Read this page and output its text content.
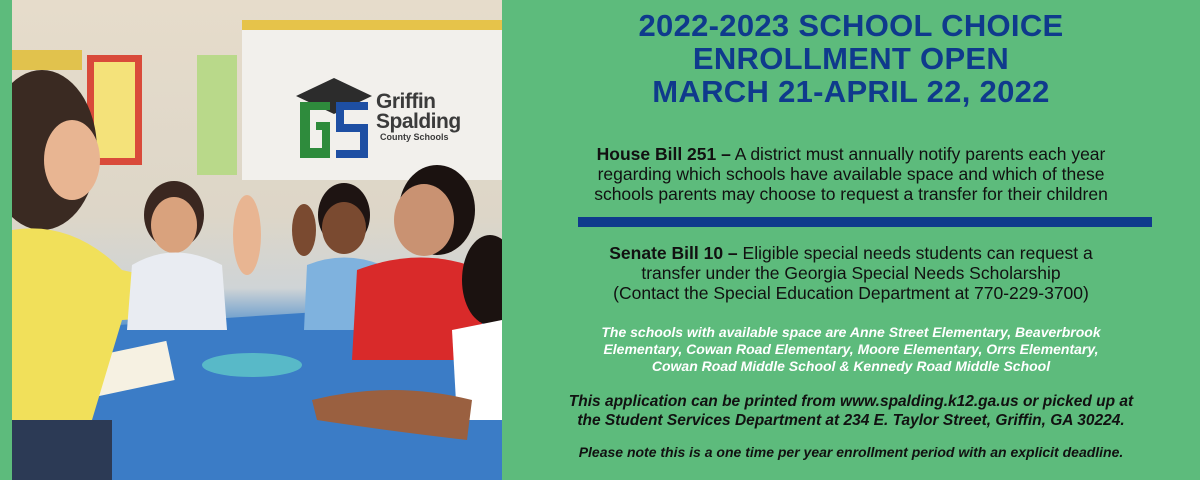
Griffin
Spalding
County Schools
2022-2023 SCHOOL CHOICE
ENROLLMENT OPEN
MARCH 21-APRIL 22, 2022
House Bill 251 – A district must annually notify parents each year
regarding which schools have available space and which of these
schools parents may choose to request a transfer for their children
Senate Bill 10 – Eligible special needs students can request a
transfer under the Georgia Special Needs Scholarship
(Contact the Special Education Department at 770-229-3700)
The schools with available space are Anne Street Elementary, Beaverbrook
Elementary, Cowan Road Elementary, Moore Elementary, Orrs Elementary,
Cowan Road Middle School & Kennedy Road Middle School
This application can be printed from www.spalding.k12.ga.us or picked up at
the Student Services Department at 234 E. Taylor Street, Griffin, GA 30224.
Please note this is a one time per year enrollment period with an explicit deadline.
